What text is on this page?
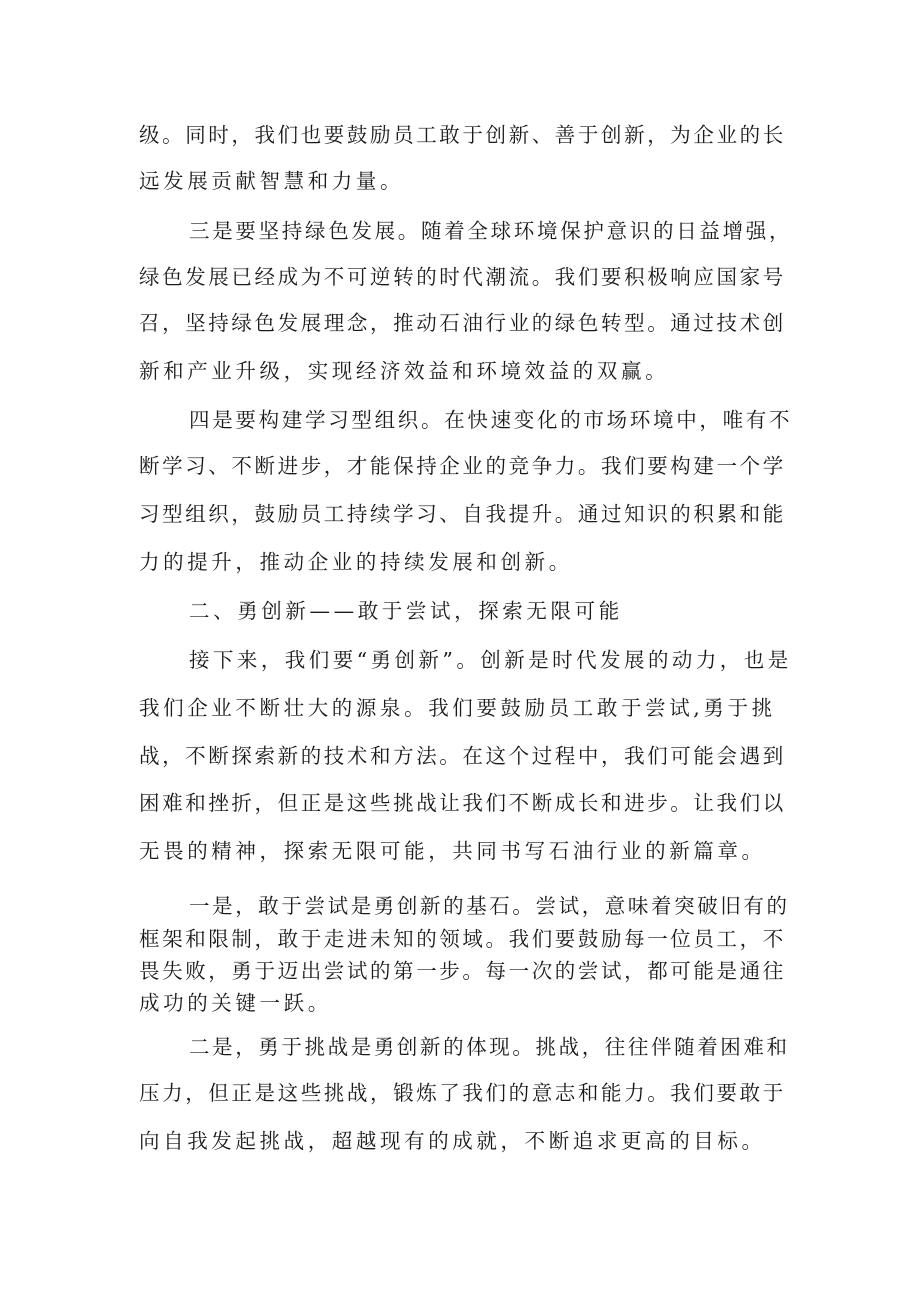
级。同时，我们也要鼓励员工敢于创新、善于创新，为企业的长

远发展贡献智慧和力量。

三是要坚持绿色发展。随着全球环境保护意识的日益增强，

绿色发展已经成为不可逆转的时代潮流。我们要积极响应国家号

召，坚持绿色发展理念，推动石油行业的绿色转型。通过技术创

新和产业升级，实现经济效益和环境效益的双赢。

四是要构建学习型组织。在快速变化的市场环境中，唯有不

断学习、不断进步，才能保持企业的竞争力。我们要构建一个学

习型组织，鼓励员工持续学习、自我提升。通过知识的积累和能

力的提升，推动企业的持续发展和创新。

二、勇创新——敢于尝试，探索无限可能

接下来，我们要“勇创新”。创新是时代发展的动力，也是

我们企业不断壮大的源泉。我们要鼓励员工敢于尝试,勇于挑

战，不断探索新的技术和方法。在这个过程中，我们可能会遇到

困难和挫折，但正是这些挑战让我们不断成长和进步。让我们以

无畏的精神，探索无限可能，共同书写石油行业的新篇章。

一是，敢于尝试是勇创新的基石。尝试，意味着突破旧有的

框架和限制，敢于走进未知的领域。我们要鼓励每一位员工，不

畏失败，勇于迈出尝试的第一步。每一次的尝试，都可能是通往

成功的关键一跃。

二是，勇于挑战是勇创新的体现。挑战，往往伴随着困难和

压力，但正是这些挑战，锻炼了我们的意志和能力。我们要敢于

向自我发起挑战，超越现有的成就，不断追求更高的目标。
